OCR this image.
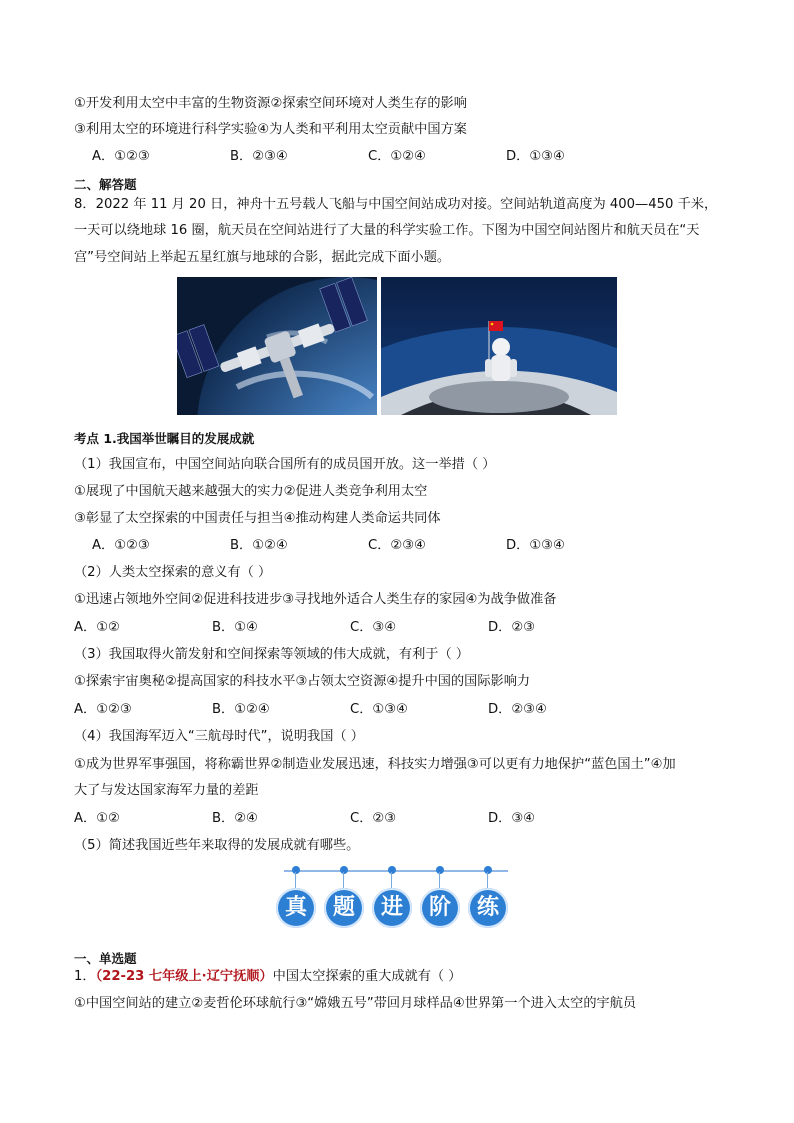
①开发利用太空中丰富的生物资源②探索空间环境对人类生存的影响
③利用太空的环境进行科学实验④为人类和平利用太空贡献中国方案
A．①②③	B．②③④	C．①②④	D．①③④
二、解答题
8．2022 年 11 月 20 日，神舟十五号载人飞船与中国空间站成功对接。空间站轨道高度为 400—450 千米，
一天可以绕地球 16 圈，航天员在空间站进行了大量的科学实验工作。下图为中国空间站图片和航天员在“天
宫”号空间站上举起五星红旗与地球的合影，据此完成下面小题。
考点 1.我国举世瞩目的发展成就
（1）我国宣布，中国空间站向联合国所有的成员国开放。这一举措（ ）
①展现了中国航天越来越强大的实力②促进人类竞争利用太空
③彰显了太空探索的中国责任与担当④推动构建人类命运共同体
A．①②③	B．①②④	C．②③④	D．①③④
（2）人类太空探索的意义有（ ）
①迅速占领地外空间②促进科技进步③寻找地外适合人类生存的家园④为战争做准备
A．①②	B．①④	C．③④	D．②③
（3）我国取得火箭发射和空间探索等领域的伟大成就，有利于（ ）
①探索宇宙奥秘②提高国家的科技水平③占领太空资源④提升中国的国际影响力
A．①②③	B．①②④	C．①③④	D．②③④
（4）我国海军迈入“三航母时代”，说明我国（ ）
①成为世界军事强国，将称霸世界②制造业发展迅速，科技实力增强③可以更有力地保护“蓝色国土”④加
大了与发达国家海军力量的差距
A．①②	B．②④	C．②③	D．③④
（5）简述我国近些年来取得的发展成就有哪些。
真	题	进	阶	练
一、单选题
1．（22-23 七年级上·辽宁抚顺）中国太空探索的重大成就有（ ）
①中国空间站的建立②麦哲伦环球航行③“嫦娥五号”带回月球样品④世界第一个进入太空的宇航员
